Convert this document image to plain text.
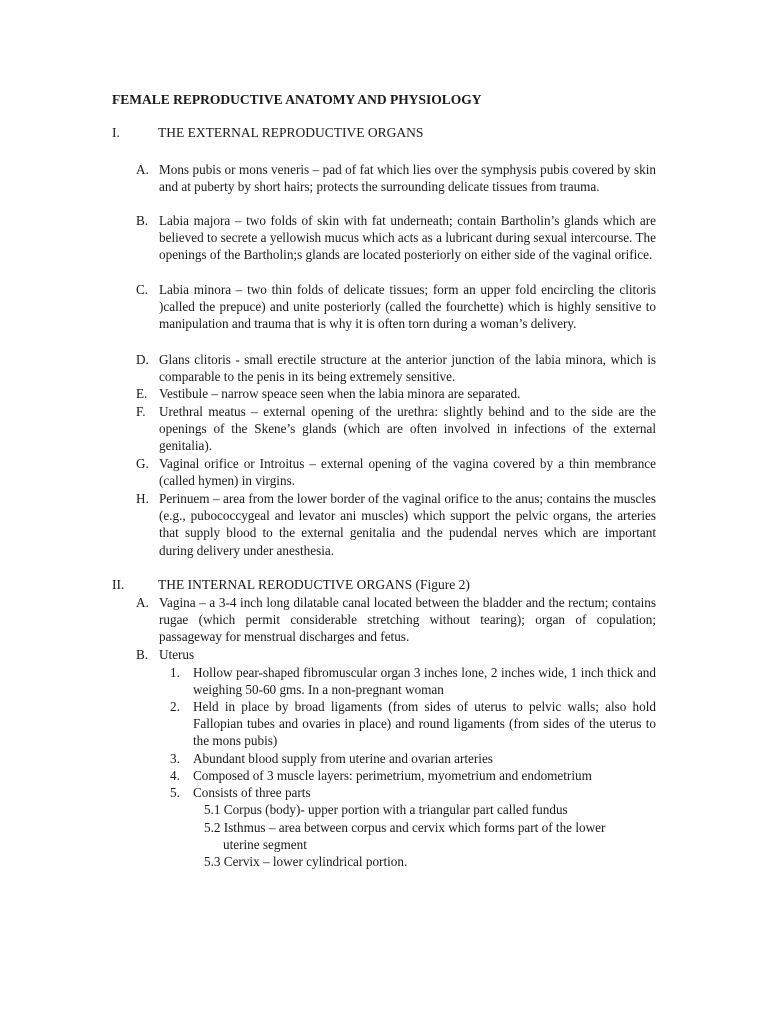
FEMALE REPRODUCTIVE ANATOMY AND PHYSIOLOGY
I.	THE EXTERNAL REPRODUCTIVE ORGANS
A. Mons pubis or mons veneris – pad of fat which lies over the symphysis pubis covered by skin and at puberty by short hairs; protects the surrounding delicate tissues from trauma.
B. Labia majora – two folds of skin with fat underneath; contain Bartholin’s glands which are believed to secrete a yellowish mucus which acts as a lubricant during sexual intercourse. The openings of the Bartholin;s glands are located posteriorly on either side of the vaginal orifice.
C. Labia minora – two thin folds of delicate tissues; form an upper fold encircling the clitoris )called the prepuce) and unite posteriorly (called the fourchette) which is highly sensitive to manipulation and trauma that is why it is often torn during a woman’s delivery.
D. Glans clitoris - small erectile structure at the anterior junction of the labia minora, which is comparable to the penis in its being extremely sensitive.
E. Vestibule – narrow speace seen when the labia minora are separated.
F. Urethral meatus – external opening of the urethra: slightly behind and to the side are the openings of the Skene’s glands (which are often involved in infections of the external genitalia).
G. Vaginal orifice or Introitus – external opening of the vagina covered by a thin membrance (called hymen) in virgins.
H. Perinuem – area from the lower border of the vaginal orifice to the anus; contains the muscles (e.g., pubococcygeal and levator ani muscles) which support the pelvic organs, the arteries that supply blood to the external genitalia and the pudendal nerves which are important during delivery under anesthesia.
II. THE INTERNAL RERODUCTIVE ORGANS (Figure 2)
A. Vagina – a 3-4 inch long dilatable canal located between the bladder and the rectum; contains rugae (which permit considerable stretching without tearing); organ of copulation; passageway for menstrual discharges and fetus.
B. Uterus
1. Hollow pear-shaped fibromuscular organ 3 inches lone, 2 inches wide, 1 inch thick and weighing 50-60 gms. In a non-pregnant woman
2. Held in place by broad ligaments (from sides of uterus to pelvic walls; also hold Fallopian tubes and ovaries in place) and round ligaments (from sides of the uterus to the mons pubis)
3. Abundant blood supply from uterine and ovarian arteries
4. Composed of 3 muscle layers: perimetrium, myometrium and endometrium
5. Consists of three parts
5.1 Corpus (body)- upper portion with a triangular part called fundus
5.2 Isthmus – area between corpus and cervix which forms part of the lower
uterine segment
5.3 Cervix – lower cylindrical portion.
